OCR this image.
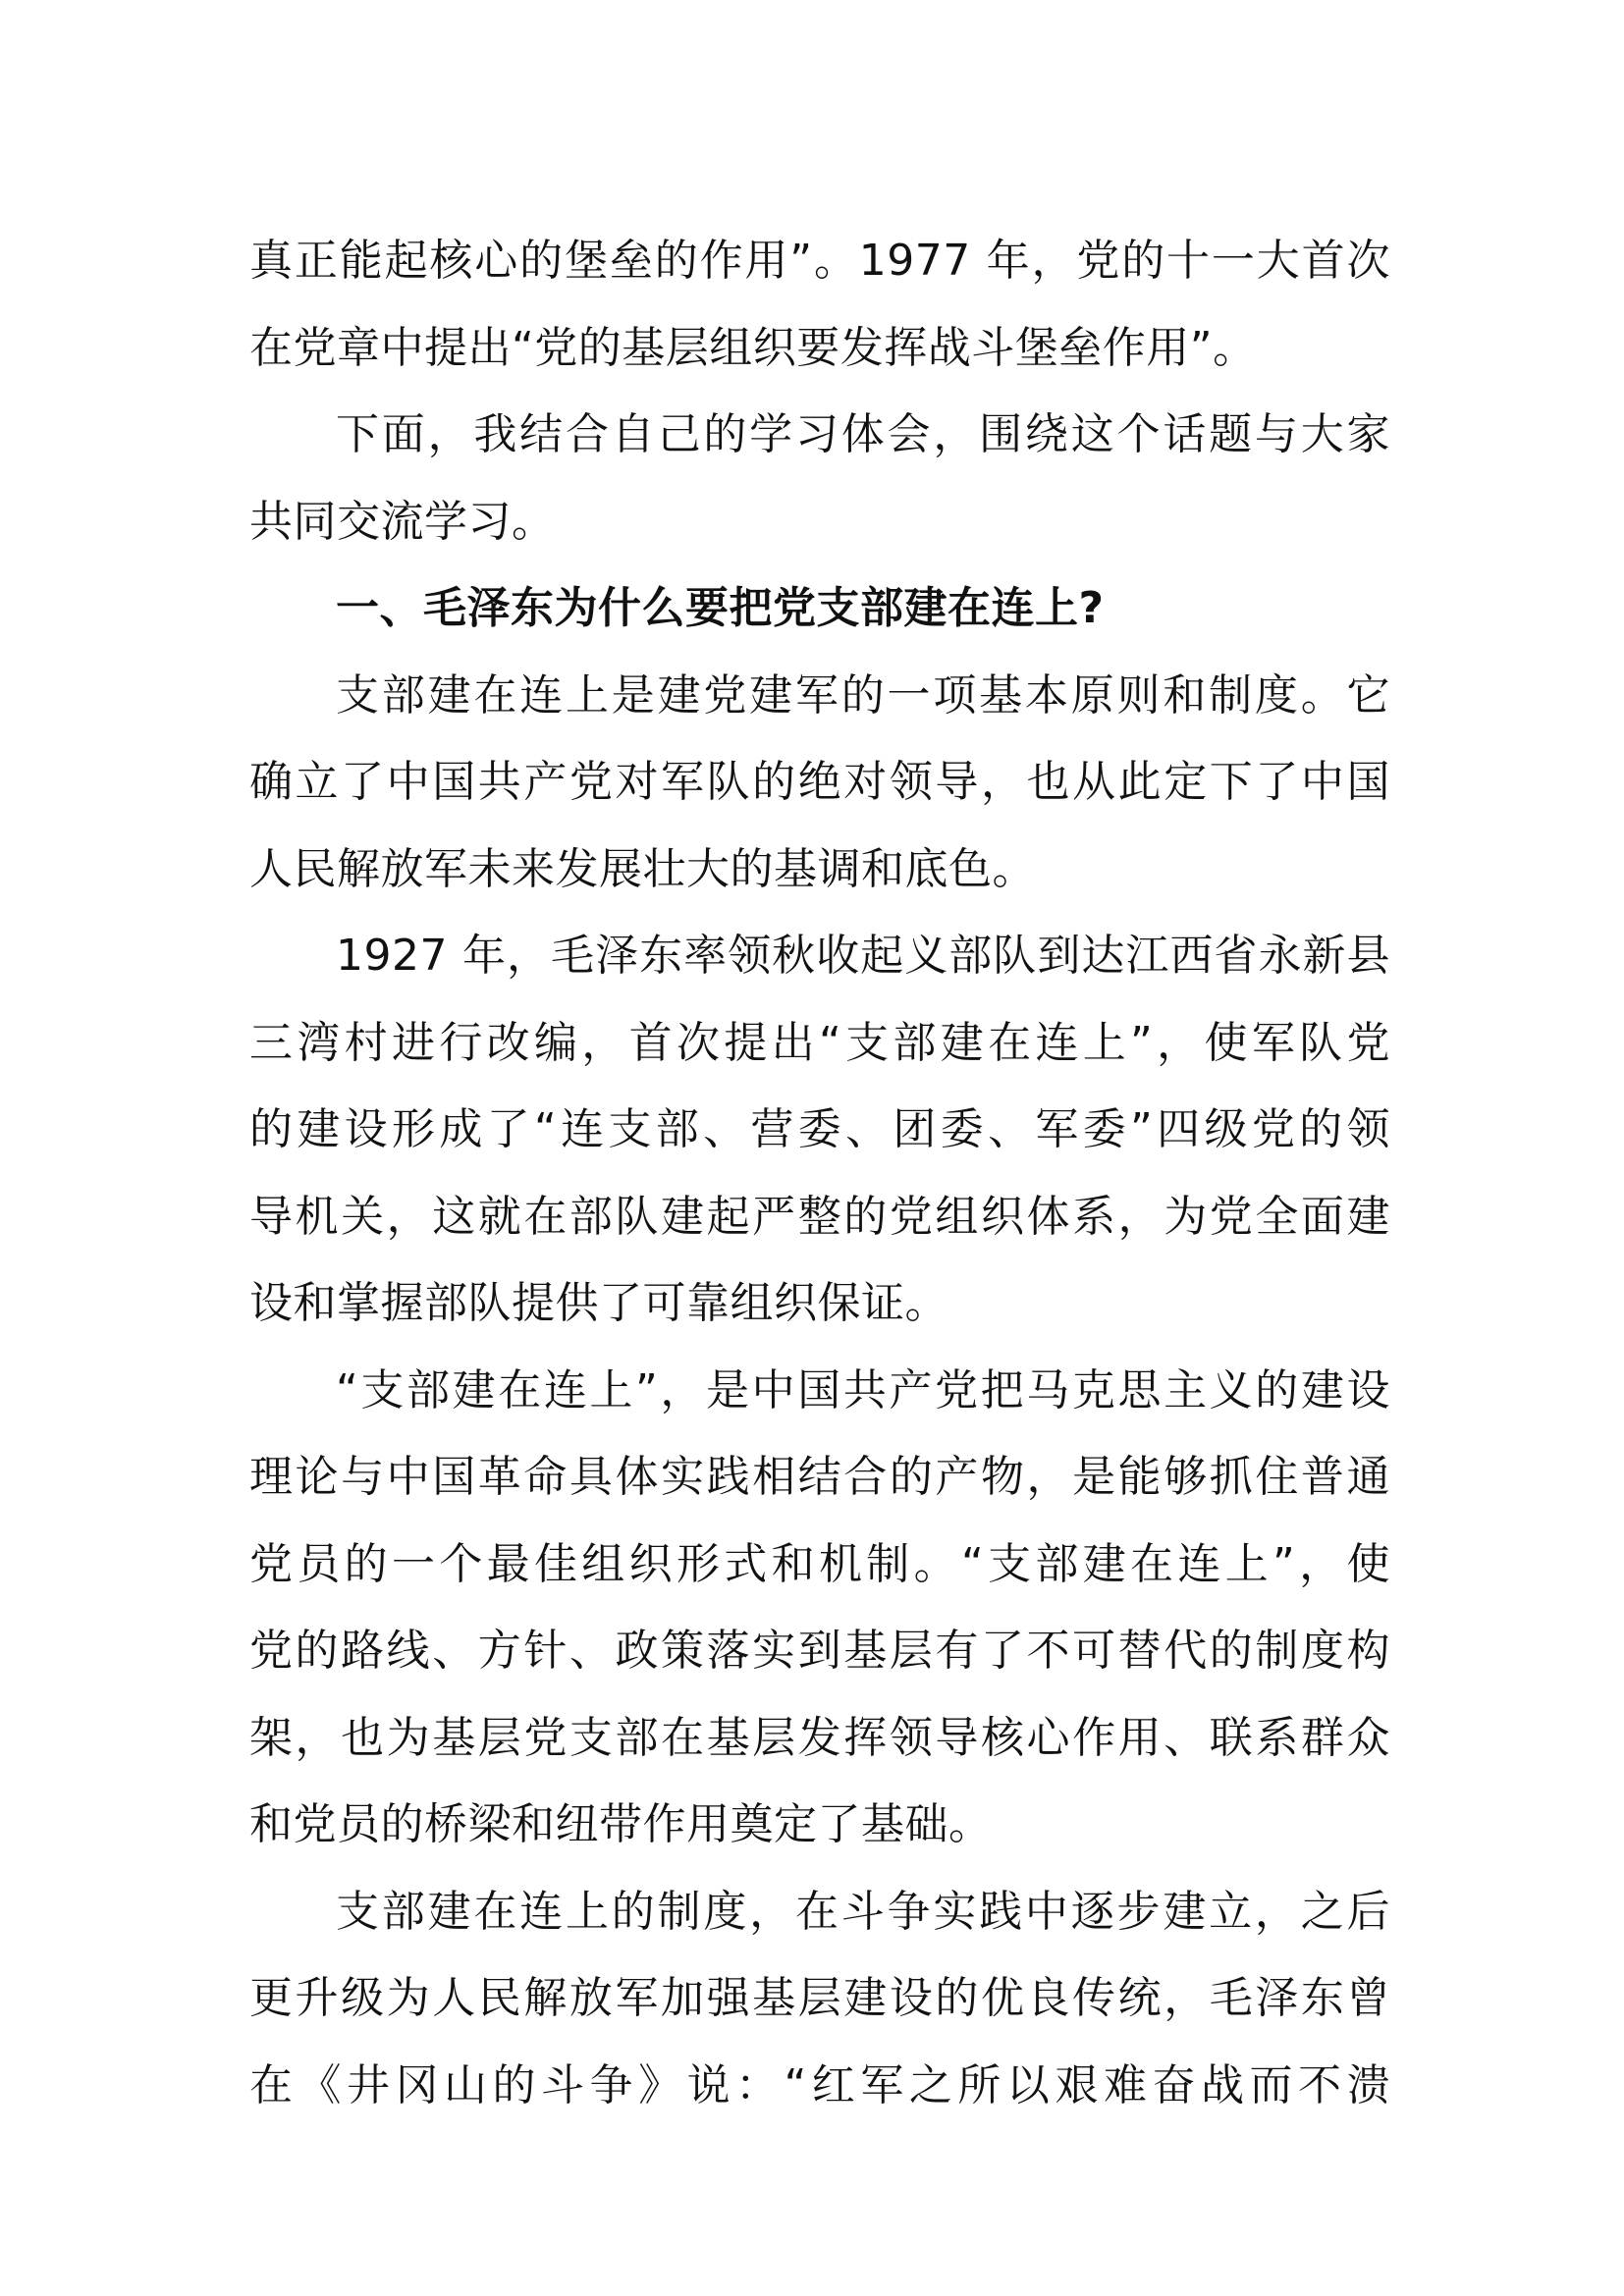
真正能起核心的堡垒的作用”。1977 年，党的十一大首次
在党章中提出“党的基层组织要发挥战斗堡垒作用”。

下面，我结合自己的学习体会，围绕这个话题与大家
共同交流学习。

一、毛泽东为什么要把党支部建在连上?

支部建在连上是建党建军的一项基本原则和制度。它
确立了中国共产党对军队的绝对领导，也从此定下了中国
人民解放军未来发展壮大的基调和底色。

1927 年，毛泽东率领秋收起义部队到达江西省永新县
三湾村进行改编，首次提出“支部建在连上”，使军队党
的建设形成了“连支部、营委、团委、军委”四级党的领
导机关，这就在部队建起严整的党组织体系，为党全面建
设和掌握部队提供了可靠组织保证。

“支部建在连上”，是中国共产党把马克思主义的建设
理论与中国革命具体实践相结合的产物，是能够抓住普通
党员的一个最佳组织形式和机制。“支部建在连上”，使
党的路线、方针、政策落实到基层有了不可替代的制度构
架，也为基层党支部在基层发挥领导核心作用、联系群众
和党员的桥梁和纽带作用奠定了基础。

支部建在连上的制度，在斗争实践中逐步建立，之后
更升级为人民解放军加强基层建设的优良传统，毛泽东曾
在《井冈山的斗争》说：“红军之所以艰难奋战而不溃
